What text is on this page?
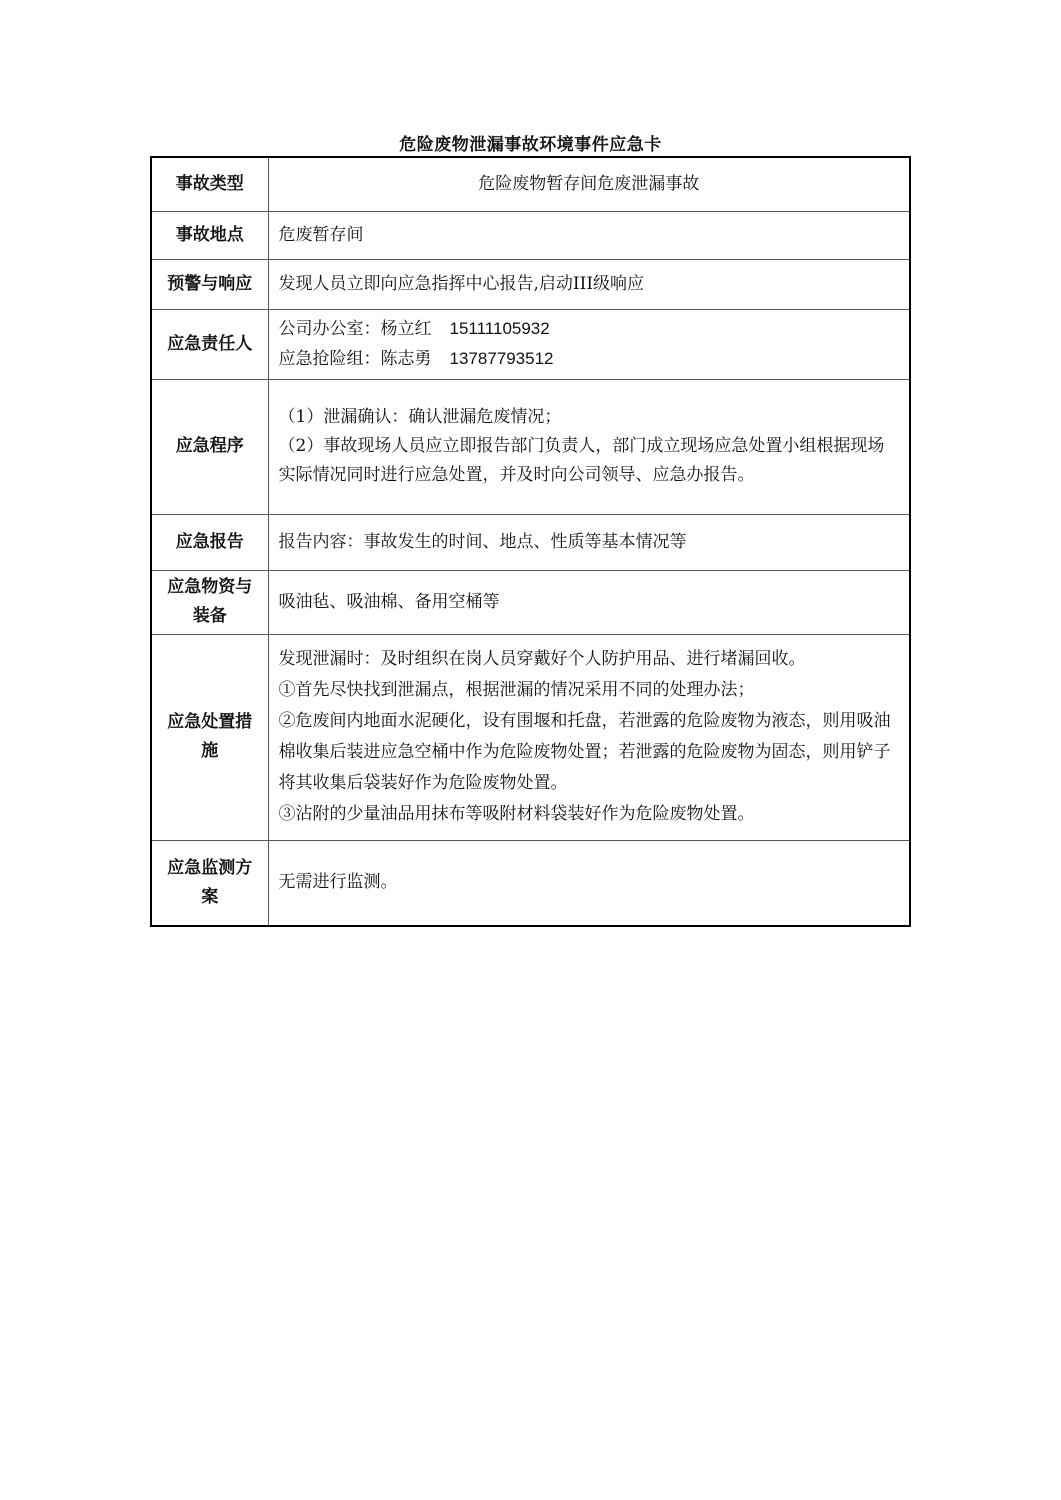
危险废物泄漏事故环境事件应急卡
事故类型	危险废物暂存间危废泄漏事故
事故地点	危废暂存间
预警与响应	发现人员立即向应急指挥中心报告,启动III级响应
应急责任人	公司办公室：杨立红 15111105932
应急抢险组：陈志勇 13787793512

应急程序	（1）泄漏确认：确认泄漏危废情况；
（2）事故现场人员应立即报告部门负责人，部门成立现场应急处置小组根据现场实际情况同时进行应急处置，并及时向公司领导、应急办报告。

应急报告	报告内容：事故发生的时间、地点、性质等基本情况等
应急物资与装备	吸油毡、吸油棉、备用空桶等
应急处置措施	发现泄漏时：及时组织在岗人员穿戴好个人防护用品、进行堵漏回收。
①首先尽快找到泄漏点，根据泄漏的情况采用不同的处理办法；
②危废间内地面水泥硬化，设有围堰和托盘，若泄露的危险废物为液态，则用吸油棉收集后装进应急空桶中作为危险废物处置；若泄露的危险废物为固态，则用铲子将其收集后袋装好作为危险废物处置。
③沾附的少量油品用抹布等吸附材料袋装好作为危险废物处置。

应急监测方案	无需进行监测。
